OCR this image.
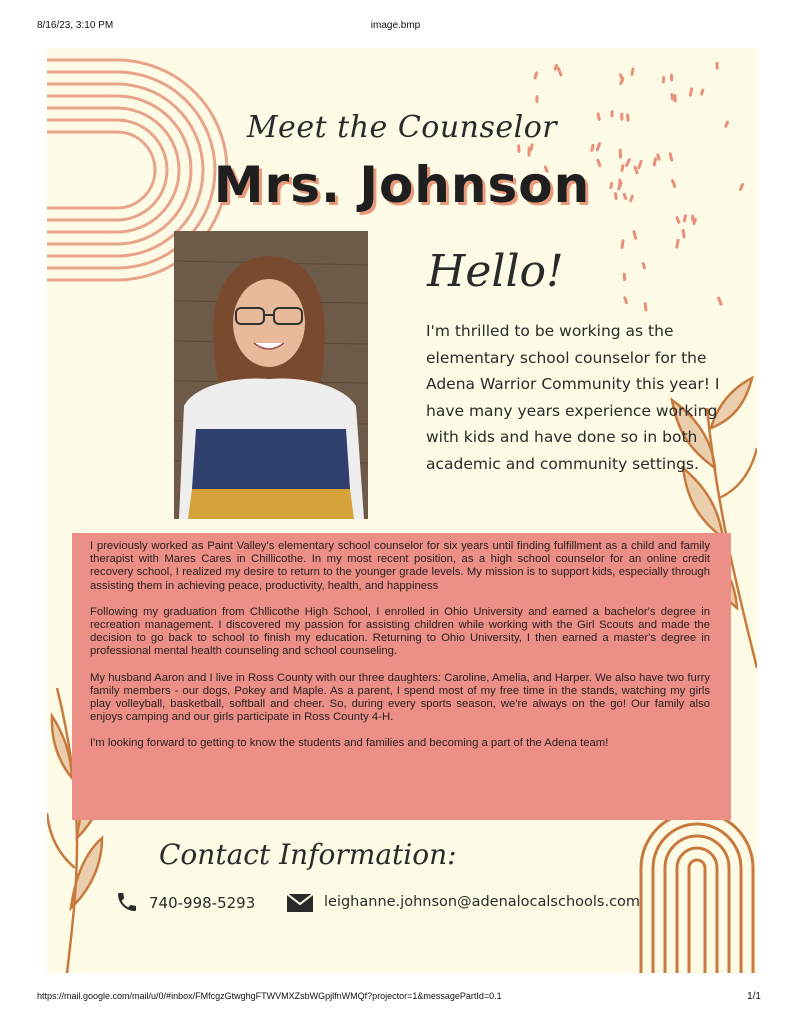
8/16/23, 3:10 PM	image.bmp
Meet the Counselor
Mrs. Johnson
Hello!
I'm thrilled to be working as the elementary school counselor for the Adena Warrior Community this year! I have many years experience working with kids and have done so in both academic and community settings.

I previously worked as Paint Valley's elementary school counselor for six years until finding fulfillment as a child and family therapist with Mares Cares in Chillicothe. In my most recent position, as a high school counselor for an online credit recovery school, I realized my desire to return to the younger grade levels. My mission is to support kids, especially through assisting them in achieving peace, productivity, health, and happiness

Following my graduation from Chllicothe High School, I enrolled in Ohio University and earned a bachelor's degree in recreation management. I discovered my passion for assisting children while working with the Girl Scouts and made the decision to go back to school to finish my education. Returning to Ohio University, I then earned a master's degree in professional mental health counseling and school counseling.

My husband Aaron and I live in Ross County with our three daughters: Caroline, Amelia, and Harper. We also have two furry family members - our dogs, Pokey and Maple. As a parent, I spend most of my free time in the stands, watching my girls play volleyball, basketball, softball and cheer. So, during every sports season, we're always on the go! Our family also enjoys camping and our girls participate in Ross County 4-H.

I'm looking forward to getting to know the students and families and becoming a part of the Adena team!

Contact Information:
740-998-5293	leighanne.johnson@adenalocalschools.com
https://mail.google.com/mail/u/0/#inbox/FMfcgzGtwghgFTWVMXZsbWGpjlfnWMQf?projector=1&messagePartId=0.1	1/1
